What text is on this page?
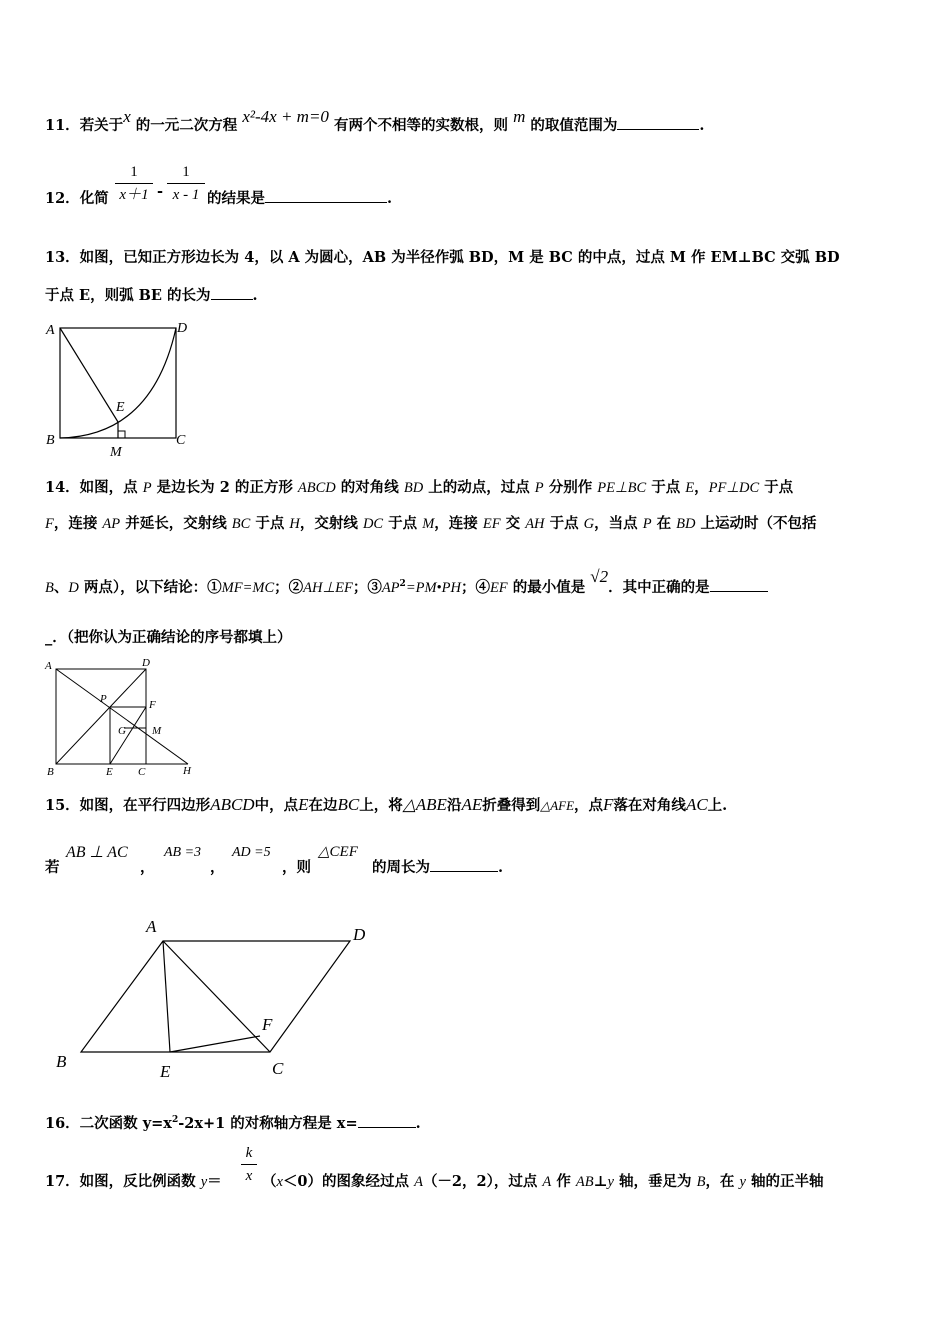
11．若关于x 的一元二次方程 x²-4x + m=0 有两个不相等的实数根，则 m 的取值范围为	.
12．化简
1
x＋1 -
1
x - 1 的结果是	.
13．如图，已知正方形边长为 4，以 A 为圆心，AB 为半径作弧 BD，M 是 BC 的中点，过点 M 作 EM⊥BC 交弧 BD
于点 E，则弧 BE 的长为	.
A	D
E
B	C
M
14．如图，点 P 是边长为 2 的正方形 ABCD 的对角线 BD 上的动点，过点 P 分别作 PE⊥BC 于点 E，PF⊥DC 于点
F，连接 AP 并延长，交射线 BC 于点 H，交射线 DC 于点 M，连接 EF 交 AH 于点 G，当点 P 在 BD 上运动时（不包括
B、D 两点），以下结论：①MF=MC；②AH⊥EF；$③AP^2=PM•PH$；④EF 的最小值是 √2．其中正确的是
_．（把你认为正确结论的序号都填上）
A	D
P	F
G M
B	E C	H
15．如图，在平行四边形ABCD中，点E在边BC上，将△ABE沿AE折叠得到△AFE，点F落在对角线AC上.
若
AB ⊥ AC
，
AB =3
，
AD =5
，则
△CEF
的周长为	.
A	D
F
B
E	C
16．二次函数 $y=x^2-2x+1$ 的对称轴方程是 x=	.
17．如图，反比例函数 y＝
k
x （x＜0）的图象经过点 A（－2，2），过点 A 作 AB⊥y 轴，垂足为 B，在 y 轴的正半轴
